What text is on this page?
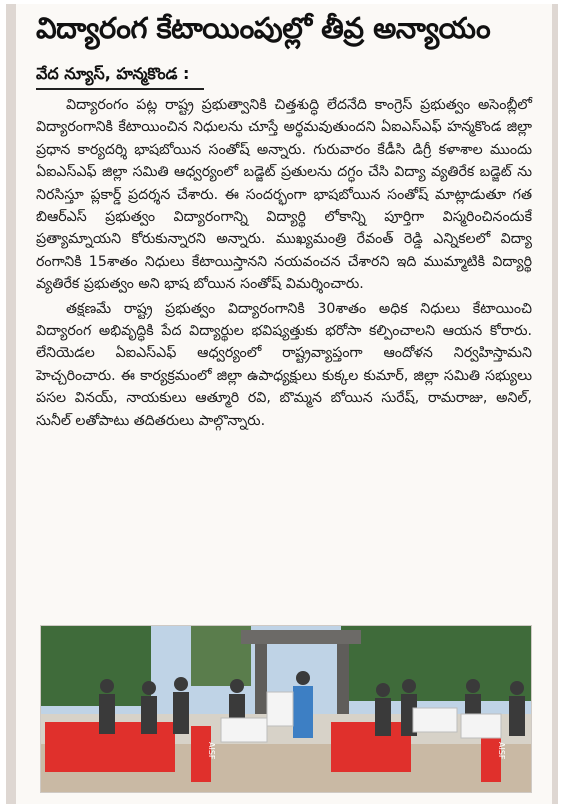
విద్యారంగ కేటాయింపుల్లో తీవ్ర అన్యాయం
వేద న్యూస్, హన్మకొండ :

విద్యారంగం పట్ల రాష్ట్ర ప్రభుత్వానికి చిత్తశుద్ధి లేదనేది కాంగ్రెస్ ప్రభుత్వం అసెంబ్లీలో విద్యారంగానికి కేటాయించిన నిధులను చూస్తే అర్థమవుతుందని ఏఐఎస్ఎఫ్ హన్మకొండ జిల్లా ప్రధాన కార్యదర్శి భాషబోయిన సంతోష్ అన్నారు. గురువారం కేడీసి డిగ్రీ కళాశాల ముందు ఏఐఎస్ఎఫ్ జిల్లా సమితి ఆధ్వర్యంలో బడ్జెట్ ప్రతులను దగ్ధం చేసి విద్యా వ్యతిరేక బడ్జెట్ ను నిరసిస్తూ ప్లకార్డ్ ప్రదర్శన చేశారు. ఈ సందర్భంగా భాషబోయిన సంతోష్ మాట్లాడుతూ గత బిఆర్ఎస్ ప్రభుత్వం విద్యారంగాన్ని విద్యార్థి లోకాన్ని పూర్తిగా విస్మరించినందుకే ప్రత్యామ్నాయని కోరుకున్నారని అన్నారు. ముఖ్యమంత్రి రేవంత్ రెడ్డి ఎన్నికలలో విద్యా రంగానికి 15శాతం నిధులు కేటాయిస్తానని నయవంచన చేశారని ఇది ముమ్మాటికి విద్యార్థి వ్యతిరేక ప్రభుత్వం అని భాష బోయిన సంతోష్ విమర్శించారు.

తక్షణమే రాష్ట్ర ప్రభుత్వం విద్యారంగానికి 30శాతం అధిక నిధులు కేటాయించి విద్యారంగ అభివృద్ధికి పేద విద్యార్థుల భవిష్యత్తుకు భరోసా కల్పించాలని ఆయన కోరారు. లేనియెడల ఏఐఎస్ఎఫ్ ఆధ్వర్యంలో రాష్ట్రవ్యాప్తంగా ఆందోళన నిర్వహిస్తామని హెచ్చరించారు. ఈ కార్యక్రమంలో జిల్లా ఉపాధ్యక్షులు కుక్కల కుమార్, జిల్లా సమితి సభ్యులు పసల వినయ్, నాయకులు ఆత్మూరి రవి, బొమ్మన బోయిన సురేష్, రామరాజు, అనిల్, సునీల్ లతోపాటు తదితరులు పాల్గొన్నారు.

AISF	AISF
